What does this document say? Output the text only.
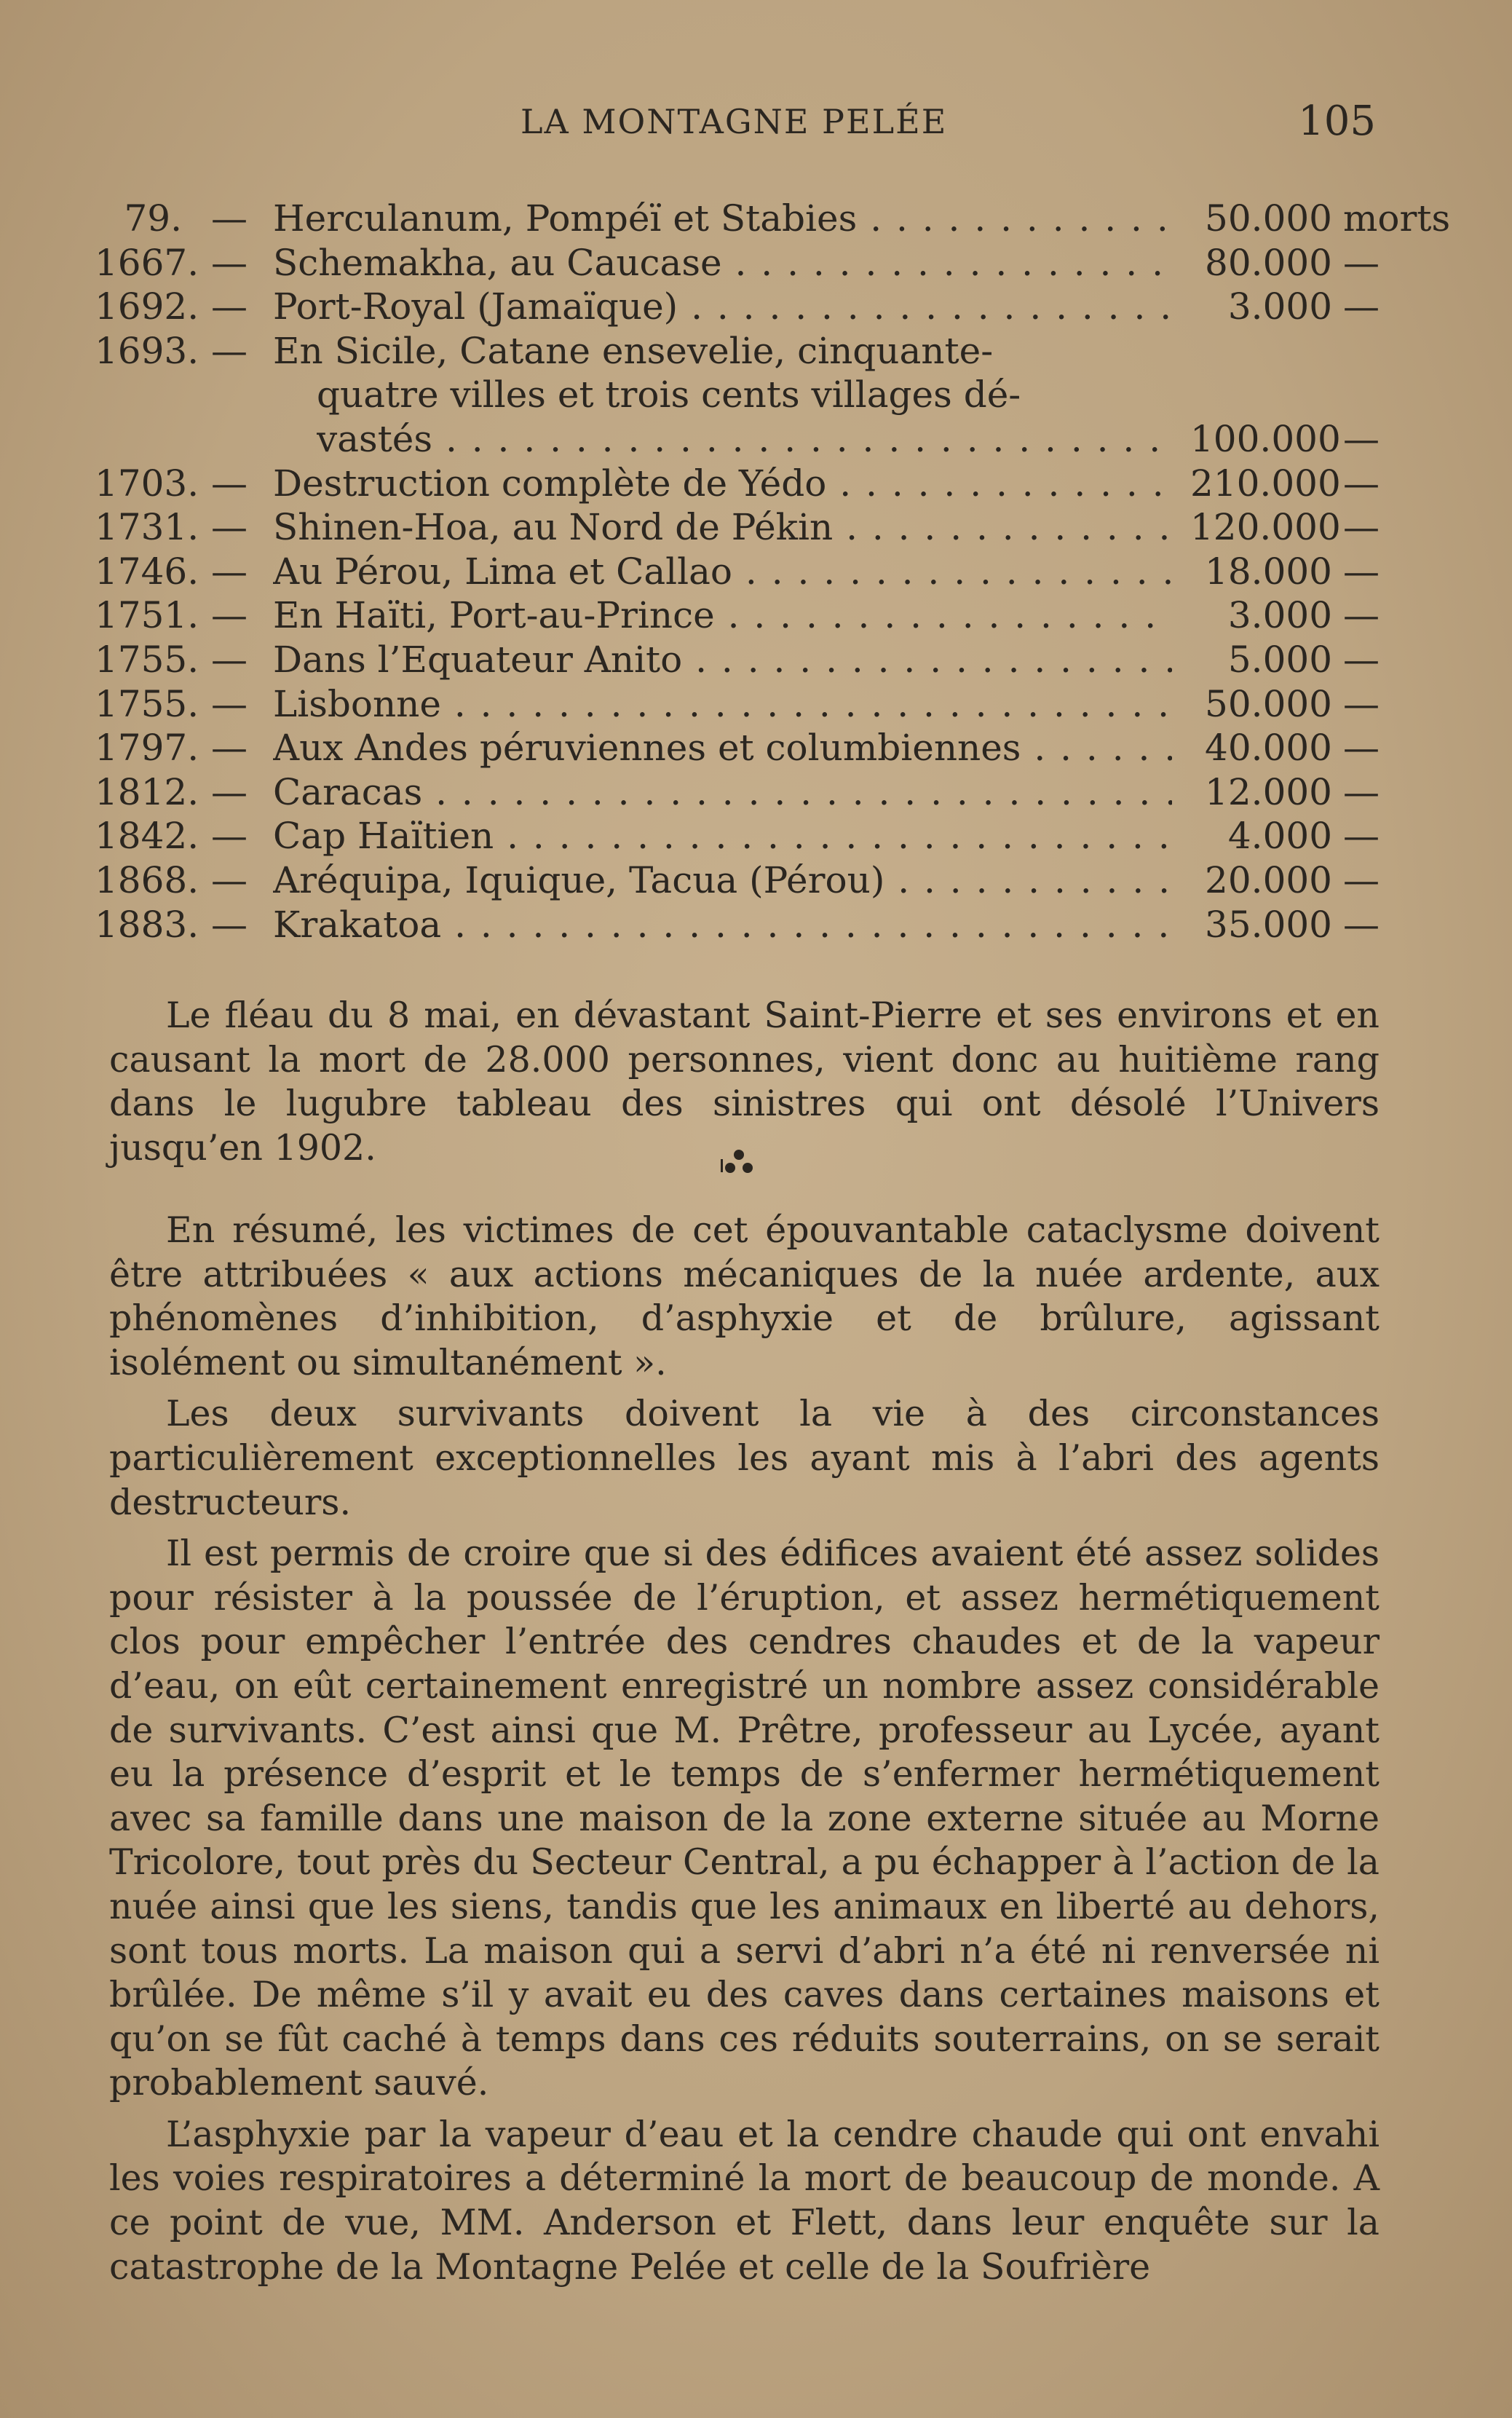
LA MONTAGNE PELÉE	105
79. — Herculanum, Pompéï et Stabies . . .	50.000 morts
1667. — Schemakha, au Caucase . . .	80.000 —
1692. — Port-Royal (Jamaïque) . . .	3.000 —
1693. — En Sicile, Catane ensevelie, cinquante-
quatre villes et trois cents villages dé-
vastés . . .	100.000 —
1703. — Destruction complète de Yédo . . .	210.000 —
1731. — Shinen-Hoa, au Nord de Pékin . . .	120.000 —
1746. — Au Pérou, Lima et Callao . . .	18.000 —
1751. — En Haïti, Port-au-Prince . . .	3.000 —
1755. — Dans l’Equateur Anito . . .	5.000 —
1755. — Lisbonne . . .	50.000 —
1797. — Aux Andes péruviennes et columbiennes . . .	40.000 —
1812. — Caracas . . .	12.000 —
1842. — Cap Haïtien . . .	4.000 —
1868. — Aréquipa, Iquique, Tacua (Pérou) . . .	20.000 —
1883. — Krakatoa . . .	35.000 —

Le fléau du 8 mai, en dévastant Saint-Pierre et ses environs et en causant la mort de 28.000 personnes, vient donc au huitième rang dans le lugubre tableau des sinistres qui ont désolé l’Univers jusqu’en 1902.

En résumé, les victimes de cet épouvantable cataclysme doivent être attribuées « aux actions mécaniques de la nuée ardente, aux phénomènes d’inhibition, d’asphyxie et de brûlure, agissant isolément ou simultanément ».

Les deux survivants doivent la vie à des circonstances particulièrement exceptionnelles les ayant mis à l’abri des agents destructeurs.

Il est permis de croire que si des édifices avaient été assez solides pour résister à la poussée de l’éruption, et assez hermétiquement clos pour empêcher l’entrée des cendres chaudes et de la vapeur d’eau, on eût certainement enregistré un nombre assez considérable de survivants. C’est ainsi que M. Prêtre, professeur au Lycée, ayant eu la présence d’esprit et le temps de s’enfermer hermétiquement avec sa famille dans une maison de la zone externe située au Morne Tricolore, tout près du Secteur Central, a pu échapper à l’action de la nuée ainsi que les siens, tandis que les animaux en liberté au dehors, sont tous morts. La maison qui a servi d’abri n’a été ni renversée ni brûlée. De même s’il y avait eu des caves dans certaines maisons et qu’on se fût caché à temps dans ces réduits souterrains, on se serait probablement sauvé.

L’asphyxie par la vapeur d’eau et la cendre chaude qui ont envahi les voies respiratoires a déterminé la mort de beaucoup de monde. A ce point de vue, MM. Anderson et Flett, dans leur enquête sur la catastrophe de la Montagne Pelée et celle de la Soufrière
